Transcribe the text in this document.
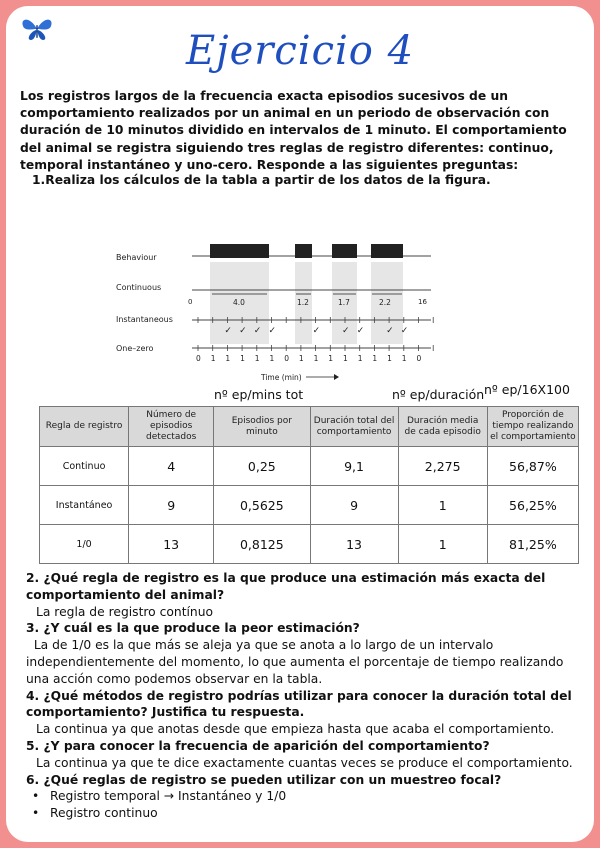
Ejercicio 4
Los registros largos de la frecuencia exacta episodios sucesivos de un comportamiento realizados por un animal en un periodo de observación con duración de 10 minutos dividido en intervalos de 1 minuto. El comportamiento del animal se registra siguiendo tres reglas de registro diferentes: continuo, temporal instantáneo y uno-cero. Responde a las siguientes preguntas:
1.Realiza los cálculos de la tabla a partir de los datos de la figura.
Behaviour
Continuous
Instantaneous
One–zero
0	16
4.0	1.2	1.7	2.2
✓ ✓ ✓ ✓	✓ ✓ ✓ ✓ ✓
0 1 1 1 1 1 0 1 1 1 1 1 1 1 1 0
Time (min)
nº ep/mins tot	nº ep/duración nº ep/16X100
Regla de registro	Número de episodios detectados	Episodios por minuto	Duración total del comportamiento	Duración media de cada episodio	Proporción de tiempo realizando el comportamiento
Continuo	4	0,25	9,1	2,275	56,87%
Instantáneo	9	0,5625	9	1	56,25%
1/0	13	0,8125	13	1	81,25%
2. ¿Qué regla de registro es la que produce una estimación más exacta del comportamiento del animal?
La regla de registro contínuo
3. ¿Y cuál es la que produce la peor estimación?
La de 1/0 es la que más se aleja ya que se anota a lo largo de un intervalo independientemente del momento, lo que aumenta el porcentaje de tiempo realizando una acción como podemos observar en la tabla.
4. ¿Qué métodos de registro podrías utilizar para conocer la duración total del comportamiento? Justifica tu respuesta.
La continua ya que anotas desde que empieza hasta que acaba el comportamiento.
5. ¿Y para conocer la frecuencia de aparición del comportamiento?
La continua ya que te dice exactamente cuantas veces se produce el comportamiento.
6. ¿Qué reglas de registro se pueden utilizar con un muestreo focal?
• Registro temporal → Instantáneo y 1/0
• Registro continuo
